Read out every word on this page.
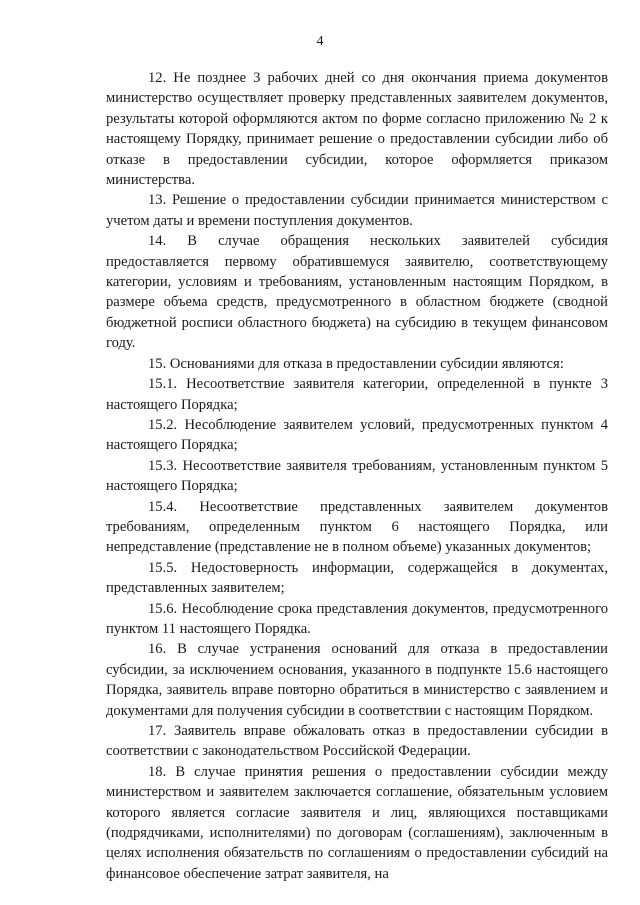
4

12. Не позднее 3 рабочих дней со дня окончания приема документов министерство осуществляет проверку представленных заявителем документов, результаты которой оформляются актом по форме согласно приложению № 2 к настоящему Порядку, принимает решение о предоставлении субсидии либо об отказе в предоставлении субсидии, которое оформляется приказом министерства.

13. Решение о предоставлении субсидии принимается министерством с учетом даты и времени поступления документов.

14. В случае обращения нескольких заявителей субсидия предоставляется первому обратившемуся заявителю, соответствующему категории, условиям и требованиям, установленным настоящим Порядком, в размере объема средств, предусмотренного в областном бюджете (сводной бюджетной росписи областного бюджета) на субсидию в текущем финансовом году.

15. Основаниями для отказа в предоставлении субсидии являются:

15.1. Несоответствие заявителя категории, определенной в пункте 3 настоящего Порядка;

15.2. Несоблюдение заявителем условий, предусмотренных пунктом 4 настоящего Порядка;

15.3. Несоответствие заявителя требованиям, установленным пунктом 5 настоящего Порядка;

15.4. Несоответствие представленных заявителем документов требованиям, определенным пунктом 6 настоящего Порядка, или непредставление (представление не в полном объеме) указанных документов;

15.5. Недостоверность информации, содержащейся в документах, представленных заявителем;

15.6. Несоблюдение срока представления документов, предусмотренного пунктом 11 настоящего Порядка.

16. В случае устранения оснований для отказа в предоставлении субсидии, за исключением основания, указанного в подпункте 15.6 настоящего Порядка, заявитель вправе повторно обратиться в министерство с заявлением и документами для получения субсидии в соответствии с настоящим Порядком.

17. Заявитель вправе обжаловать отказ в предоставлении субсидии в соответствии с законодательством Российской Федерации.

18. В случае принятия решения о предоставлении субсидии между министерством и заявителем заключается соглашение, обязательным условием которого является согласие заявителя и лиц, являющихся поставщиками (подрядчиками, исполнителями) по договорам (соглашениям), заключенным в целях исполнения обязательств по соглашениям о предоставлении субсидий на финансовое обеспечение затрат заявителя, на
